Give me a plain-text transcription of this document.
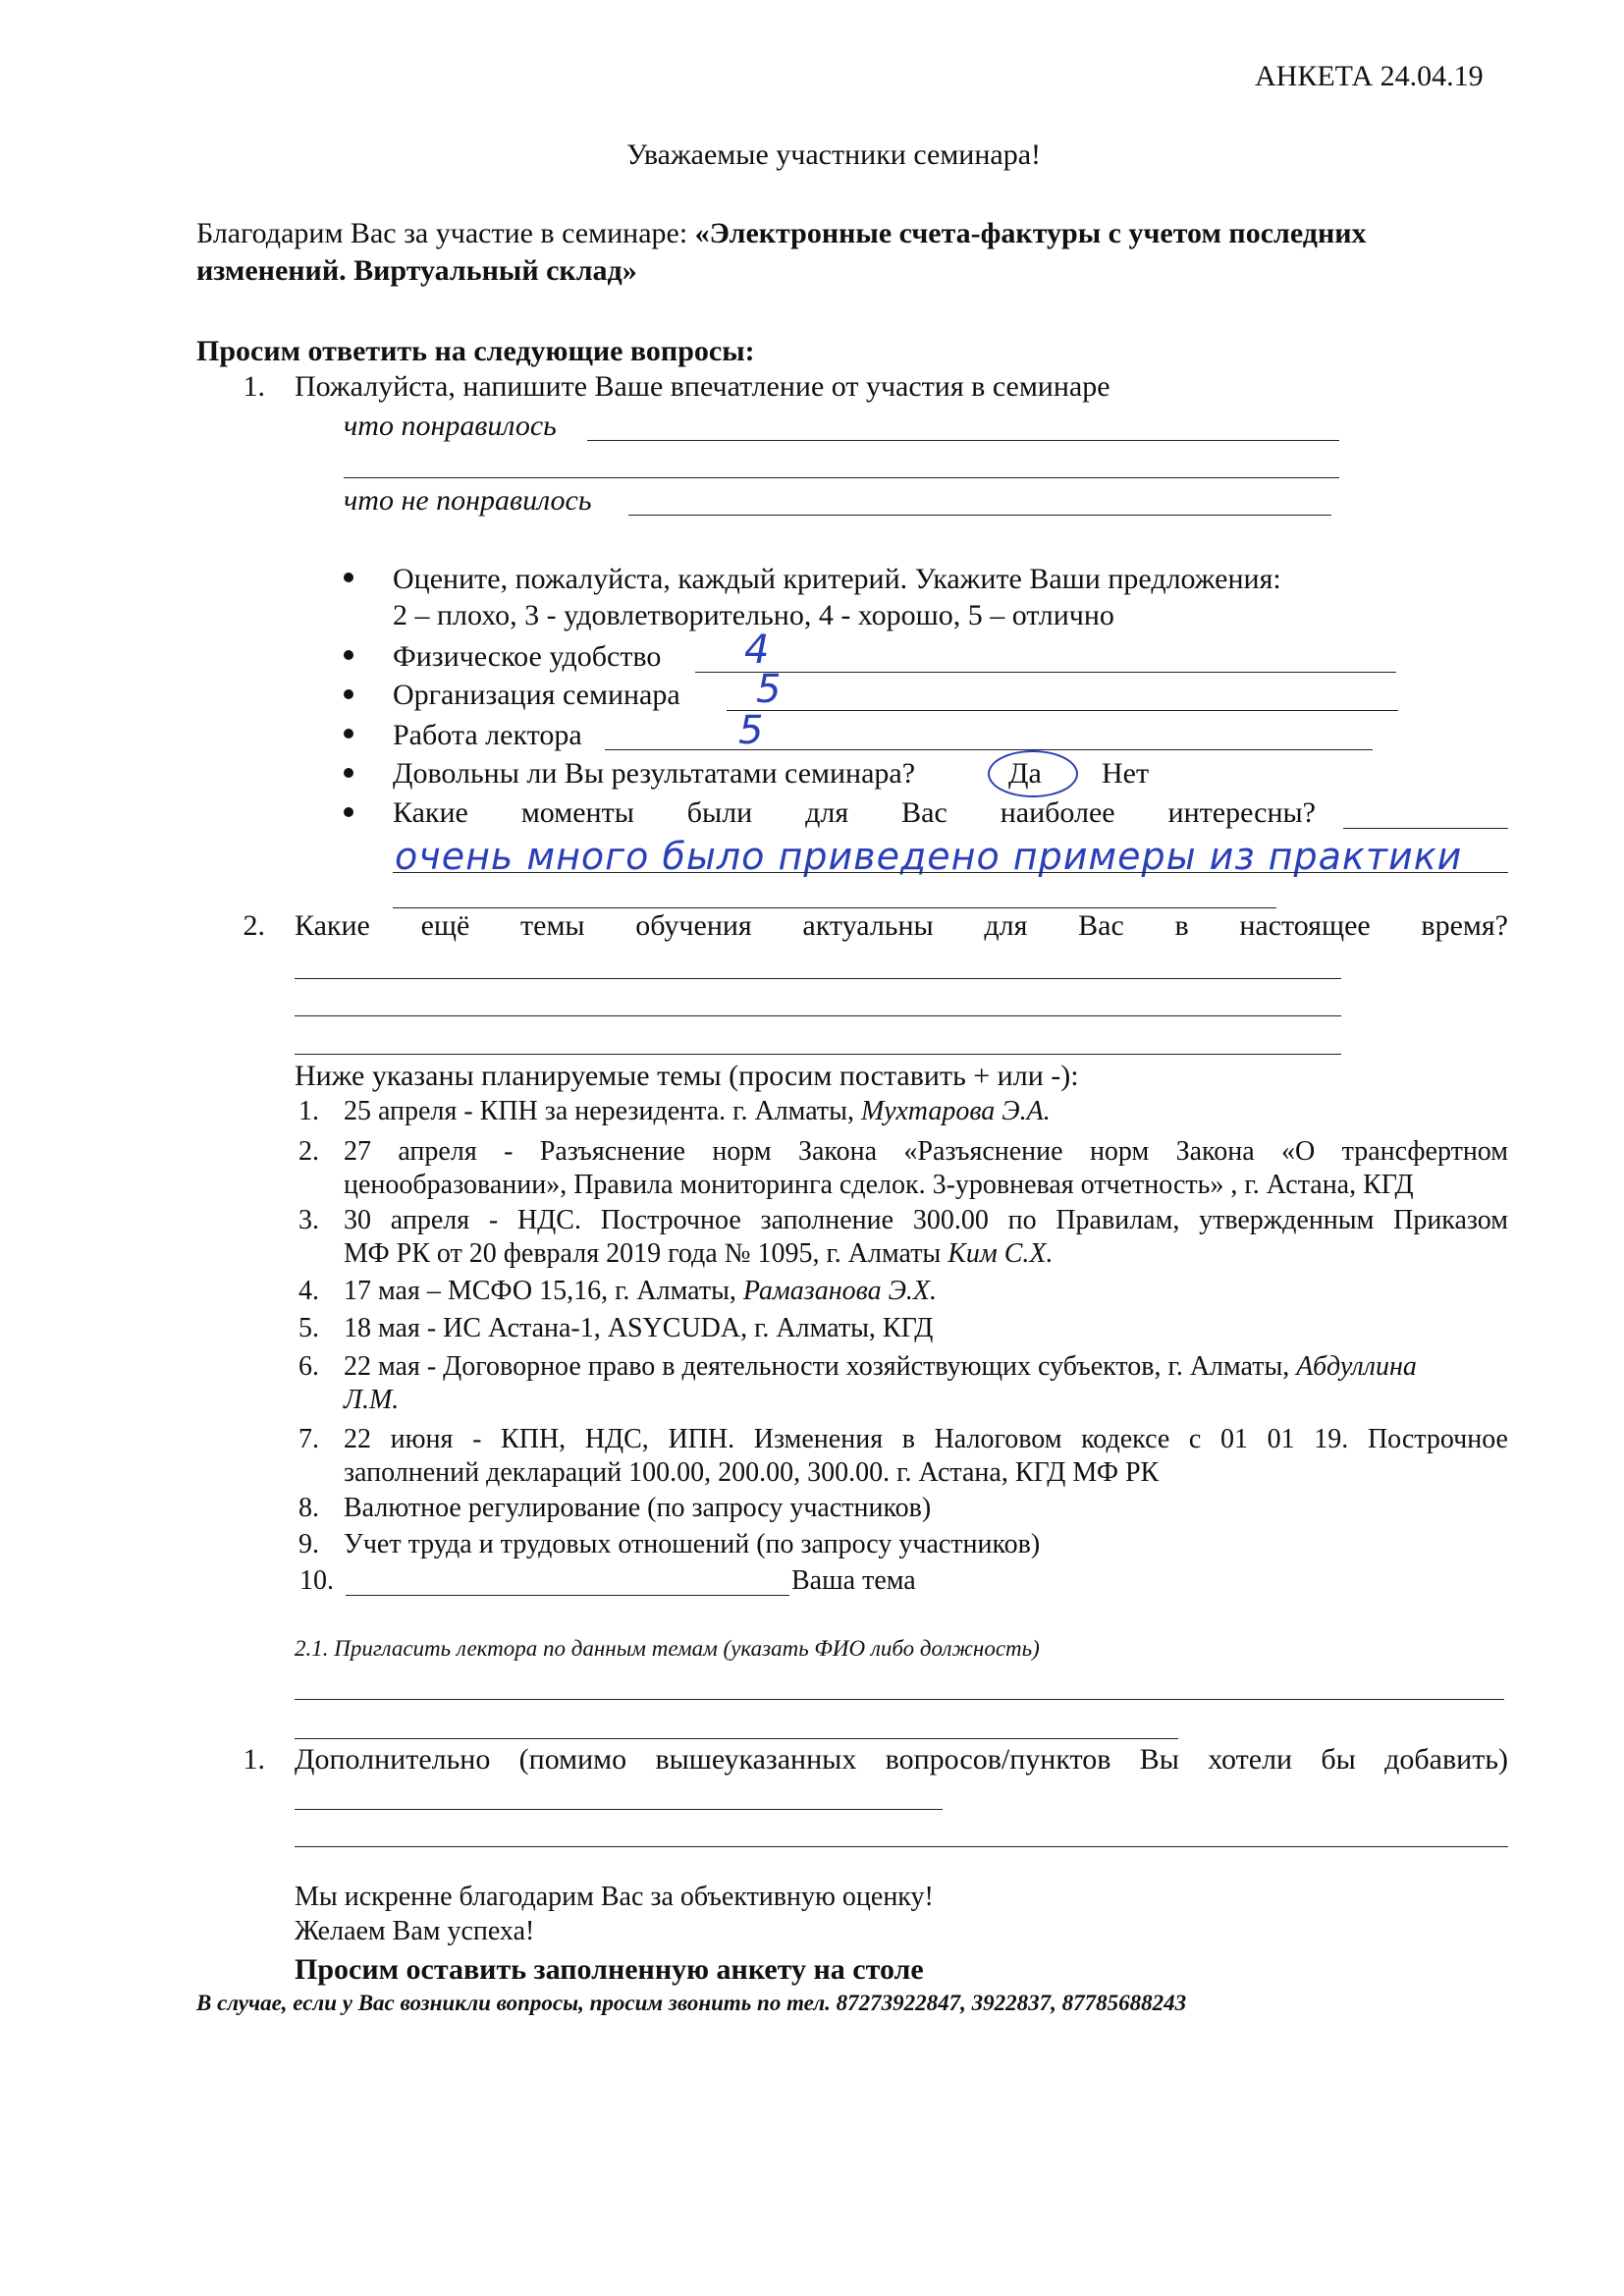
АНКЕТА 24.04.19
Уважаемые участники семинара!
Благодарим Вас за участие в семинаре: «Электронные счета-фактуры с учетом последних
изменений. Виртуальный склад»
Просим ответить на следующие вопросы:
1. Пожалуйста, напишите Ваше впечатление от участия в семинаре
что понравилось
что не понравилось
Оцените, пожалуйста, каждый критерий. Укажите Ваши предложения:
2 – плохо, 3 - удовлетворительно, 4 - хорошо, 5 – отлично
Физическое удобство 4
Организация семинара 5
Работа лектора	5
Довольны ли Вы результатами семинара?	Да Нет
Какие моменты были для Вас наиболее интересны?
очень много было приведено примеры из практики
2. Какие ещё темы обучения актуальны для Вас в настоящее время?
Ниже указаны планируемые темы (просим поставить + или -):
1. 25 апреля - КПН за нерезидента. г. Алматы, Мухтарова Э.А.
2. 27 апреля - Разъяснение норм Закона «Разъяснение норм Закона «О трансфертном
ценообразовании», Правила мониторинга сделок. 3-уровневая отчетность» , г. Астана, КГД
3. 30 апреля - НДС. Построчное заполнение 300.00 по Правилам, утвержденным Приказом
МФ РК от 20 февраля 2019 года № 1095, г. Алматы Ким С.Х.
4. 17 мая – МСФО 15,16, г. Алматы, Рамазанова Э.Х.
5. 18 мая - ИС Астана-1, ASYCUDA, г. Алматы, КГД
6. 22 мая - Договорное право в деятельности хозяйствующих субъектов, г. Алматы, Абдуллина
Л.М.
7. 22 июня - КПН, НДС, ИПН. Изменения в Налоговом кодексе с 01 01 19. Построчное
заполнений деклараций 100.00, 200.00, 300.00. г. Астана, КГД МФ РК
8. Валютное регулирование (по запросу участников)
9. Учет труда и трудовых отношений (по запросу участников)
10.	Ваша тема
2.1. Пригласить лектора по данным темам (указать ФИО либо должность)
1. Дополнительно (помимо вышеуказанных вопросов/пунктов Вы хотели бы добавить)
Мы искренне благодарим Вас за объективную оценку!
Желаем Вам успеха!
Просим оставить заполненную анкету на столе
В случае, если у Вас возникли вопросы, просим звонить по тел. 87273922847, 3922837, 87785688243
